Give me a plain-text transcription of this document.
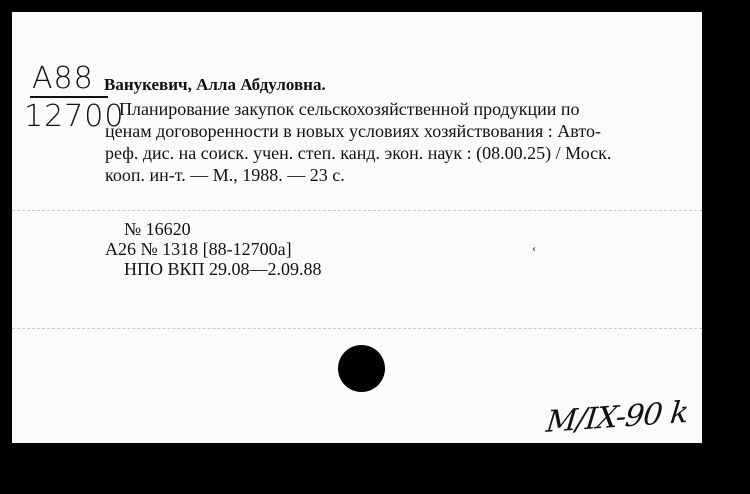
A88
12700
Ванукевич, Алла Абдуловна.
Планирование закупок сельскохозяйственной продукции по
ценам договоренности в новых условиях хозяйствования : Авто-
реф. дис. на соиск. учен. степ. канд. экон. наук : (08.00.25) / Моск.
кооп. ин-т. — М., 1988. — 23 с.
№ 16620
А26 № 1318 [88-12700а]
НПО ВКП 29.08—2.09.88
‹
M/IX-90 k
